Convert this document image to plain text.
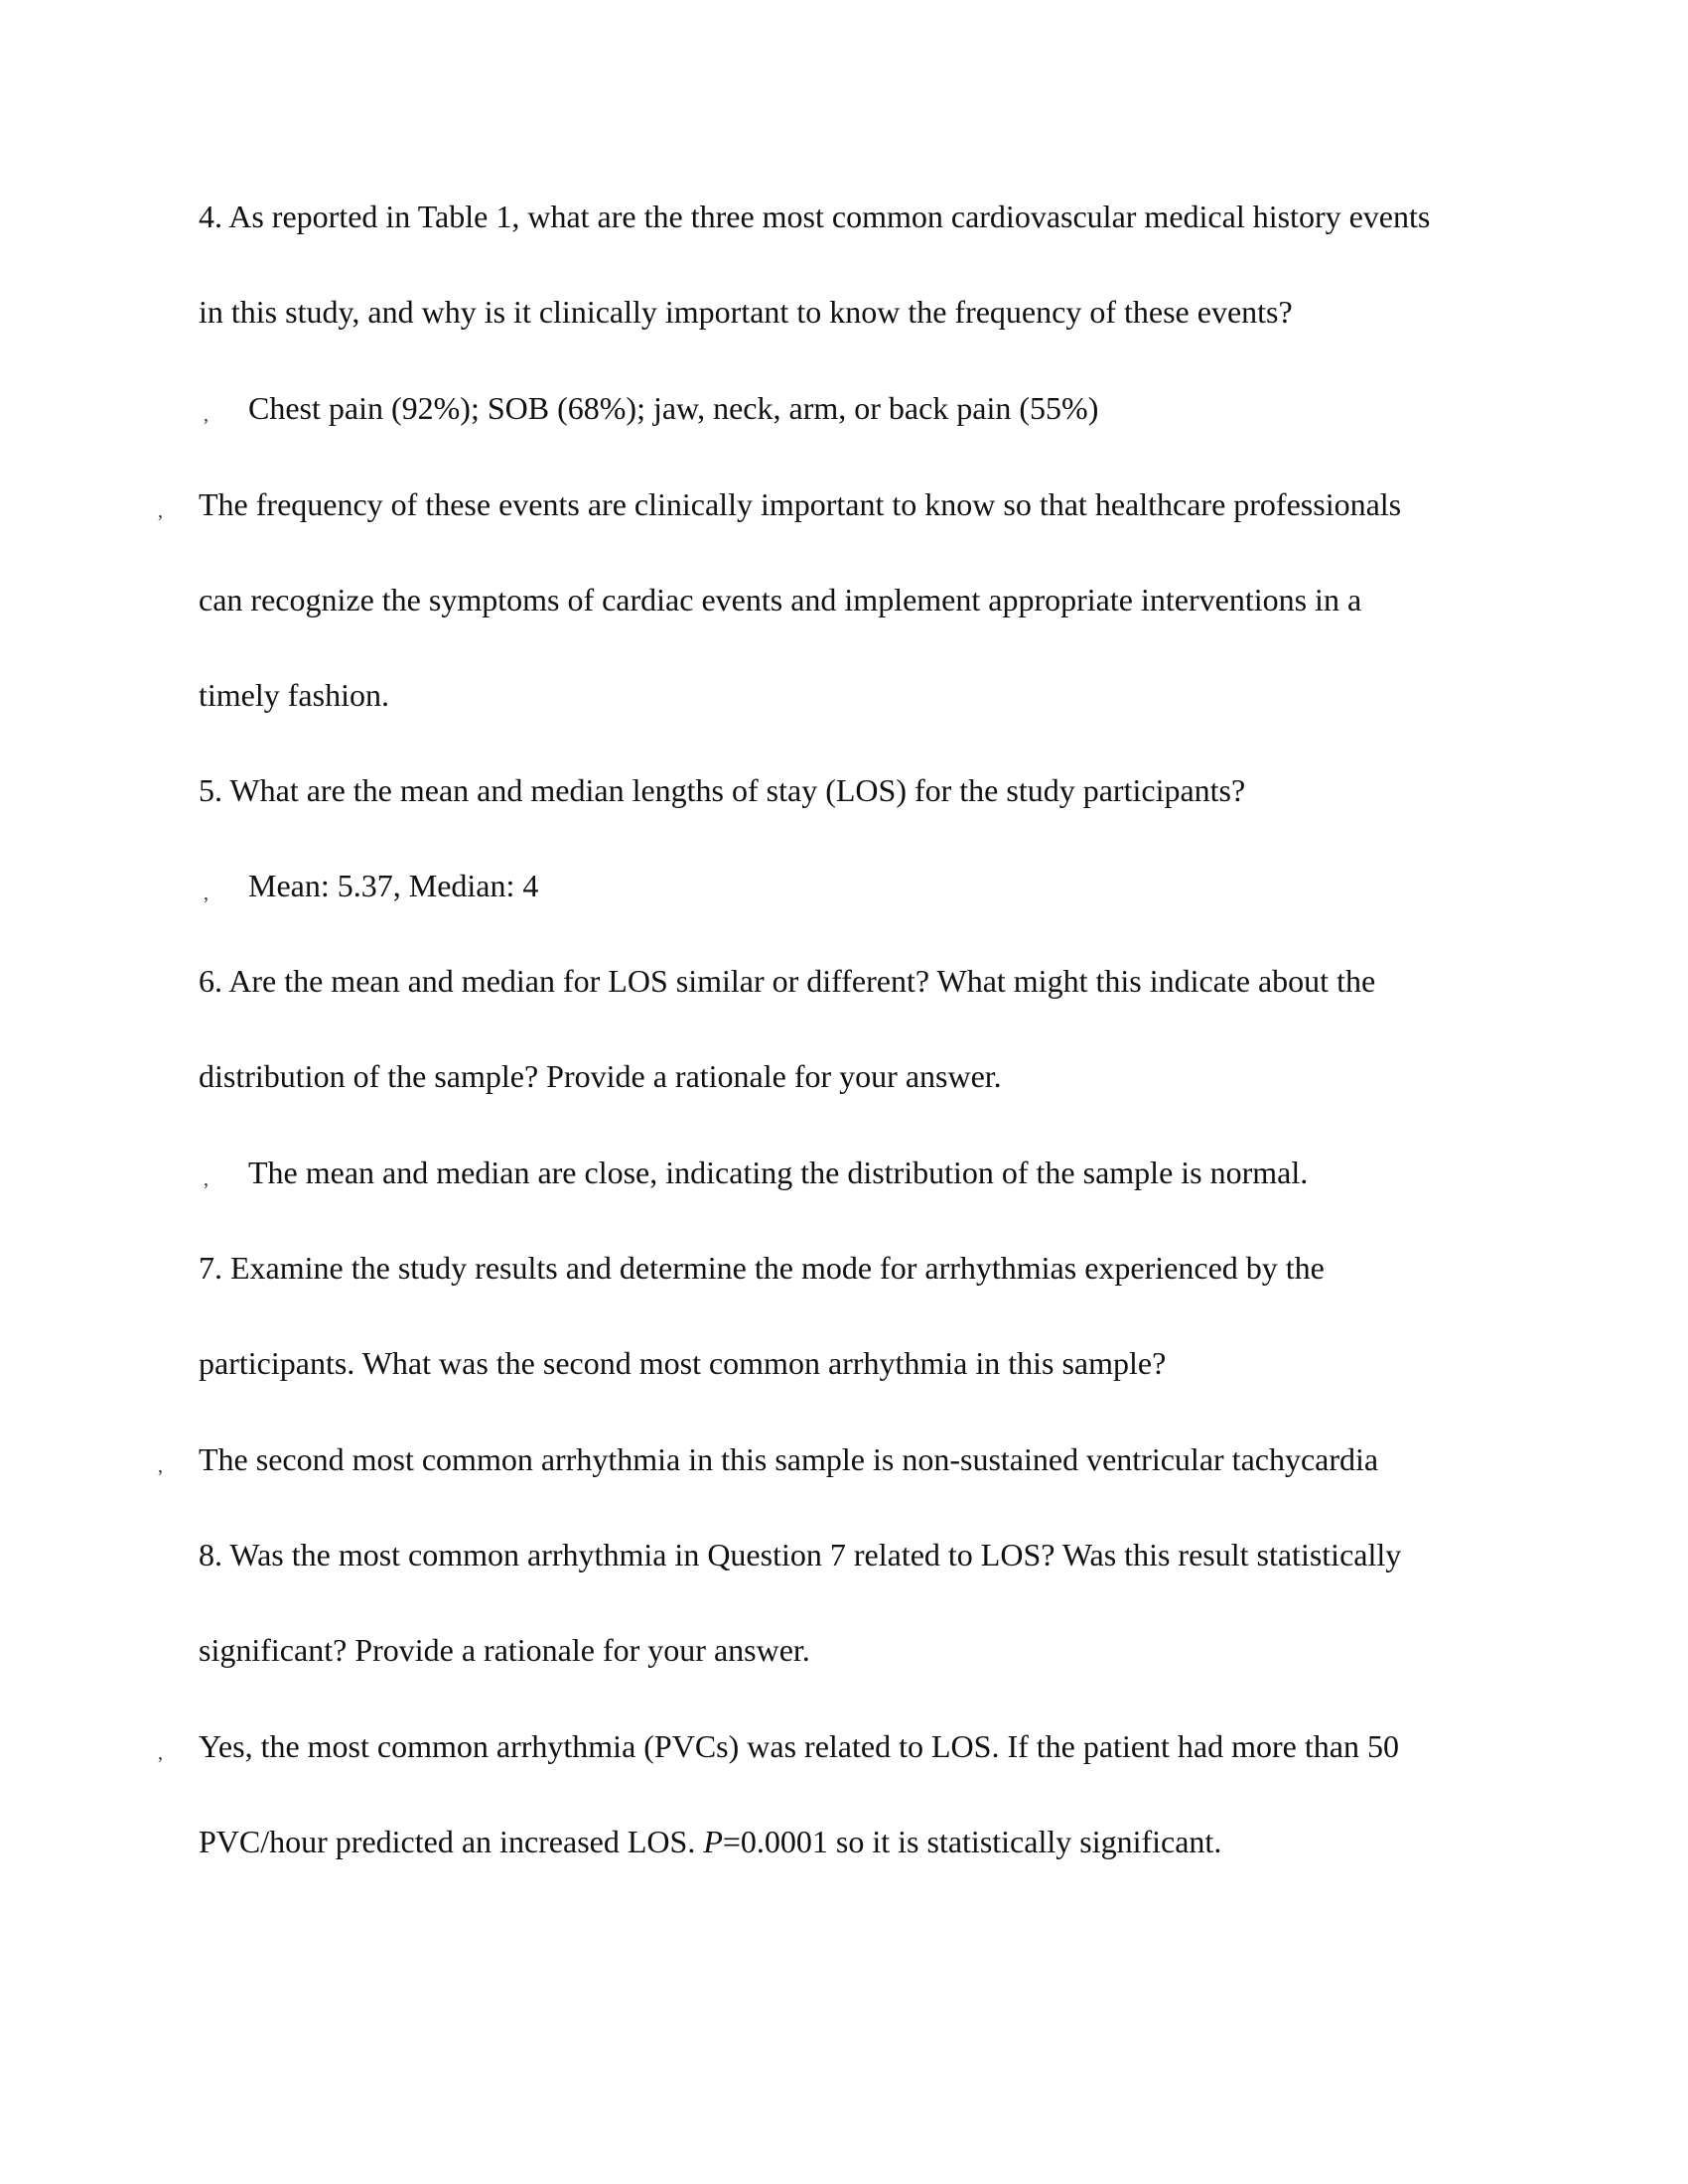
4. As reported in Table 1, what are the three most common cardiovascular medical history events
in this study, and why is it clinically important to know the frequency of these events?
‚ Chest pain (92%); SOB (68%); jaw, neck, arm, or back pain (55%)
‚ The frequency of these events are clinically important to know so that healthcare professionals
can recognize the symptoms of cardiac events and implement appropriate interventions in a
timely fashion.
5. What are the mean and median lengths of stay (LOS) for the study participants?
‚ Mean: 5.37, Median: 4
6. Are the mean and median for LOS similar or different? What might this indicate about the
distribution of the sample? Provide a rationale for your answer.
‚ The mean and median are close, indicating the distribution of the sample is normal.
7. Examine the study results and determine the mode for arrhythmias experienced by the
participants. What was the second most common arrhythmia in this sample?
‚ The second most common arrhythmia in this sample is non-sustained ventricular tachycardia
8. Was the most common arrhythmia in Question 7 related to LOS? Was this result statistically
significant? Provide a rationale for your answer.
‚ Yes, the most common arrhythmia (PVCs) was related to LOS. If the patient had more than 50
PVC/hour predicted an increased LOS. P=0.0001 so it is statistically significant.
